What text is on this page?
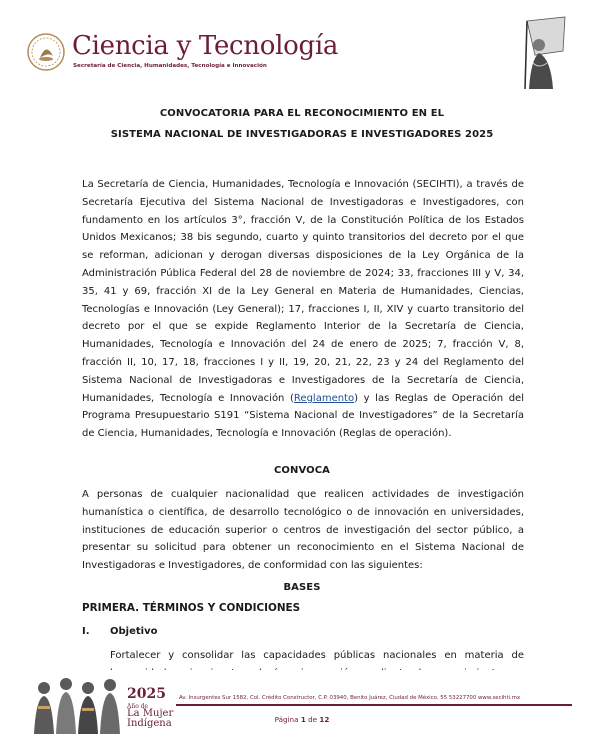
Ciencia y Tecnología
Secretaría de Ciencia, Humanidades, Tecnología e Innovación
CONVOCATORIA PARA EL RECONOCIMIENTO EN EL
SISTEMA NACIONAL DE INVESTIGADORAS E INVESTIGADORES 2025
La Secretaría de Ciencia, Humanidades, Tecnología e Innovación (SECIHTI), a través de Secretaría Ejecutiva del Sistema Nacional de Investigadoras e Investigadores, con fundamento en los artículos 3°, fracción V, de la Constitución Política de los Estados Unidos Mexicanos; 38 bis segundo, cuarto y quinto transitorios del decreto por el que se reforman, adicionan y derogan diversas disposiciones de la Ley Orgánica de la Administración Pública Federal del 28 de noviembre de 2024; 33, fracciones III y V, 34, 35, 41 y 69, fracción XI de la Ley General en Materia de Humanidades, Ciencias, Tecnologías e Innovación (Ley General); 17, fracciones I, II, XIV y cuarto transitorio del decreto por el que se expide Reglamento Interior de la Secretaría de Ciencia, Humanidades, Tecnología e Innovación del 24 de enero de 2025; 7, fracción V, 8, fracción II, 10, 17, 18, fracciones I y II, 19, 20, 21, 22, 23 y 24 del Reglamento del Sistema Nacional de Investigadoras e Investigadores de la Secretaría de Ciencia, Humanidades, Tecnología e Innovación (Reglamento) y las Reglas de Operación del Programa Presupuestario S191 “Sistema Nacional de Investigadores” de la Secretaría de Ciencia, Humanidades, Tecnología e Innovación (Reglas de operación).
CONVOCA
A personas de cualquier nacionalidad que realicen actividades de investigación humanística o científica, de desarrollo tecnológico o de innovación en universidades, instituciones de educación superior o centros de investigación del sector público, a presentar su solicitud para obtener un reconocimiento en el Sistema Nacional de Investigadoras e Investigadores, de conformidad con las siguientes:
BASES
PRIMERA. TÉRMINOS Y CONDICIONES
I. Objetivo
Fortalecer y consolidar las capacidades públicas nacionales en materia de
2025
Año de
La Mujer
Indígena
Av. Insurgentes Sur 1582, Col. Crédito Constructor, C.P. 03940, Benito Juárez, Ciudad de México. 55 53227700 www.secihti.mx
Página 1 de 12
